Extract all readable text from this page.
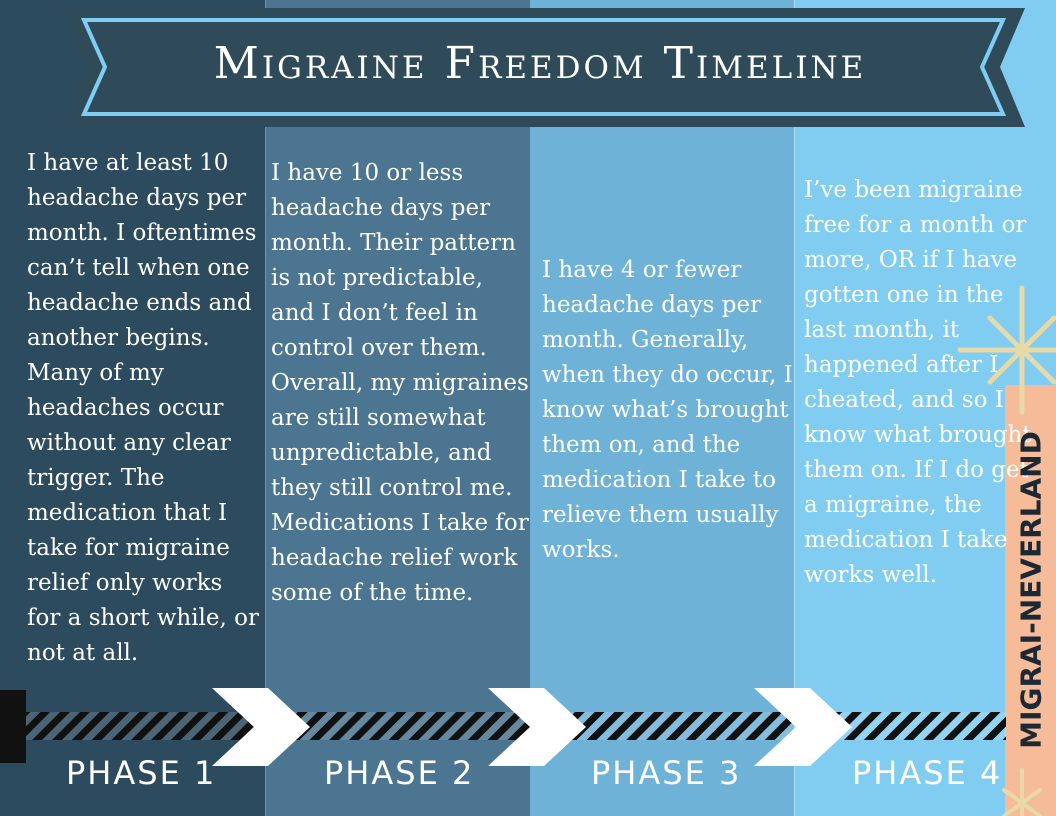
Migraine Freedom Timeline

I have at least 10 headache days per month. I oftentimes can’t tell when one headache ends and another begins. Many of my headaches occur without any clear trigger. The medication that I take for migraine relief only works for a short while, or not at all.

I have 10 or less headache days per month. Their pattern is not predictable, and I don’t feel in control over them. Overall, my migraines are still somewhat unpredictable, and they still control me. Medications I take for headache relief work some of the time.

I have 4 or fewer headache days per month. Generally, when they do occur, I know what’s brought them on, and the medication I take to relieve them usually works.

I’ve been migraine free for a month or more, OR if I have gotten one in the last month, it happened after I cheated, and so I know what brought them on. If I do get a migraine, the medication I take works well.

PHASE 1	PHASE 2	PHASE 3	PHASE 4
MIGRAI-NEVERLAND
